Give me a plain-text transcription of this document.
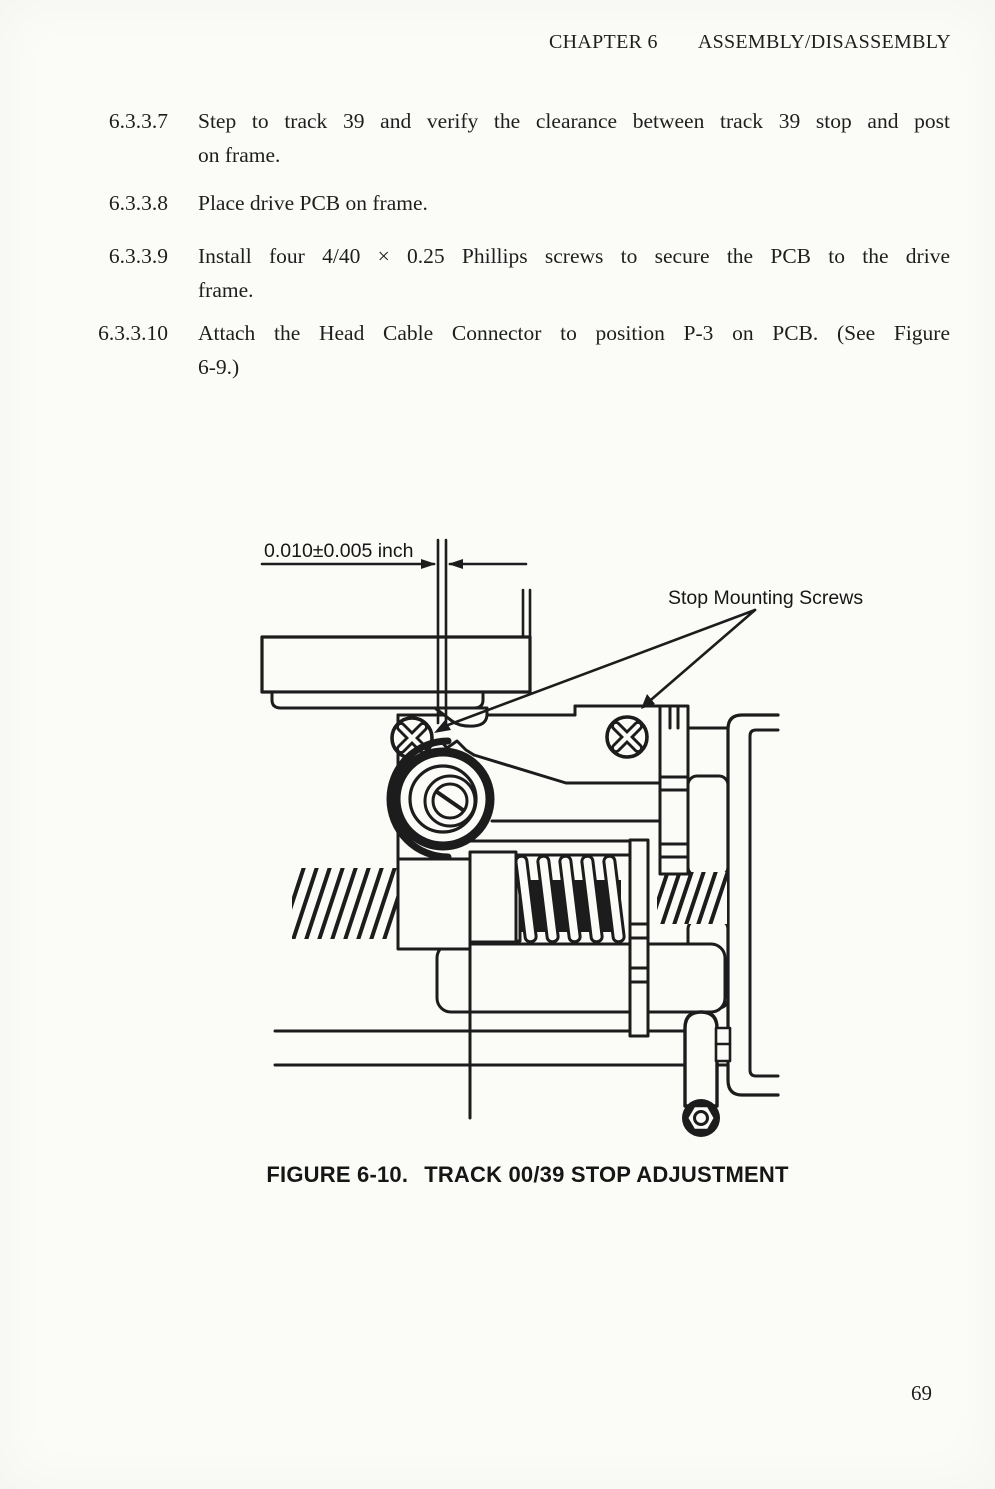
CHAPTER 6 ASSEMBLY/DISASSEMBLY
6.3.3.7 Step to track 39 and verify the clearance between track 39 stop and post
on frame.
6.3.3.8 Place drive PCB on frame.
6.3.3.9 Install four 4/40 × 0.25 Phillips screws to secure the PCB to the drive
frame.
6.3.3.10 Attach the Head Cable Connector to position P-3 on PCB. (See Figure
6-9.)
0.010±0.005 inch
Stop Mounting Screws
FIGURE 6-10. TRACK 00/39 STOP ADJUSTMENT
69
